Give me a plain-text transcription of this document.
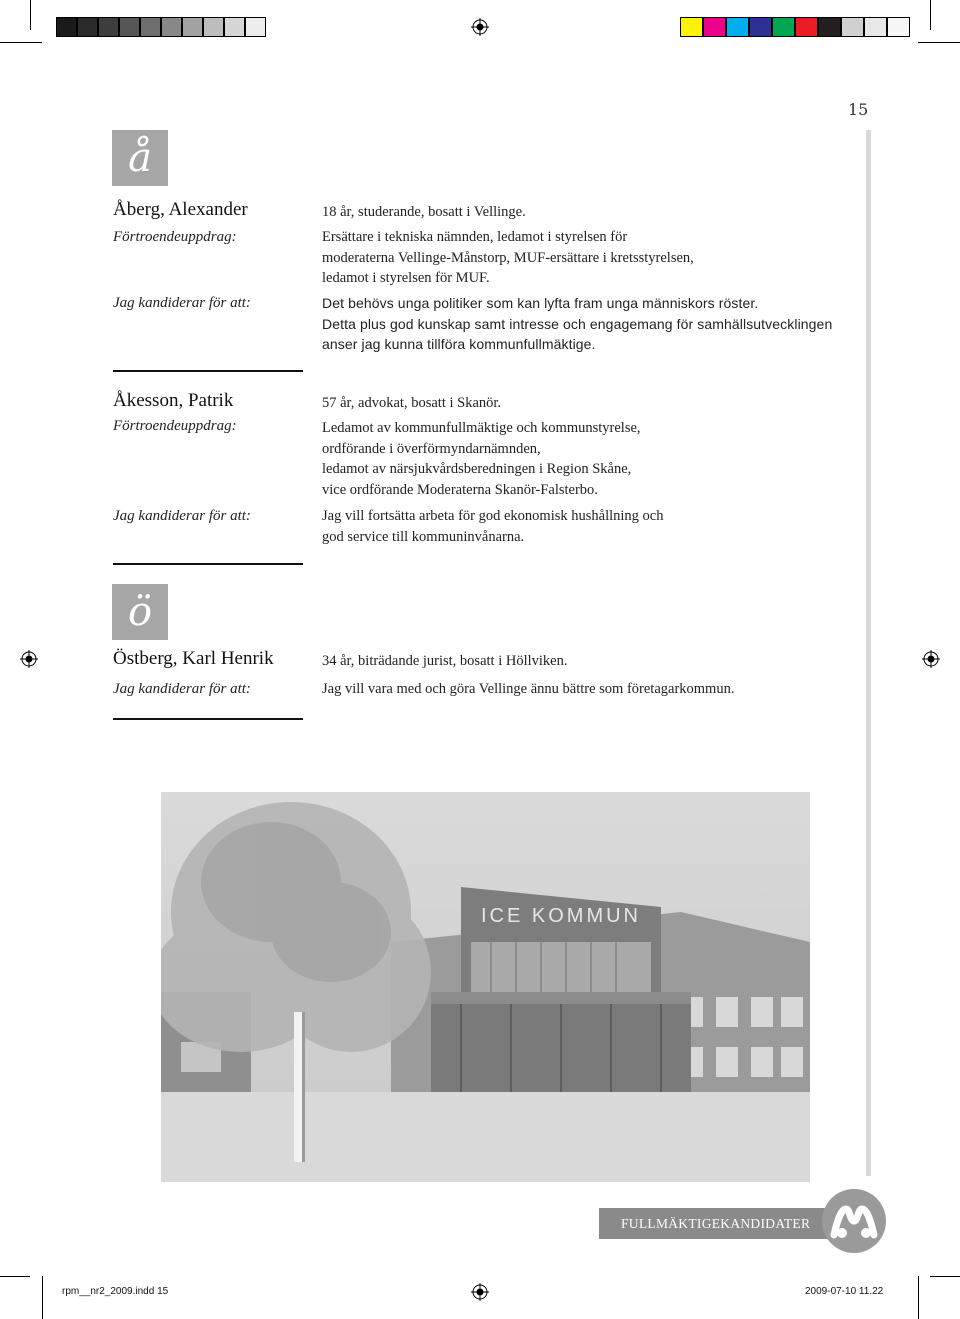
15
å
Åberg, Alexander	18 år, studerande, bosatt i Vellinge.
Förtroendeuppdrag:	Ersättare i tekniska nämnden, ledamot i styrelsen för
moderaterna Vellinge-Månstorp, MUF-ersättare i kretsstyrelsen,
ledamot i styrelsen för MUF.
Jag kandiderar för att:	Det behövs unga politiker som kan lyfta fram unga människors röster.
Detta plus god kunskap samt intresse och engagemang för samhällsutvecklingen
anser jag kunna tillföra kommunfullmäktige.
Åkesson, Patrik	57 år, advokat, bosatt i Skanör.
Förtroendeuppdrag:	Ledamot av kommunfullmäktige och kommunstyrelse,
ordförande i överförmyndarnämnden,
ledamot av närsjukvårdsberedningen i Region Skåne,
vice ordförande Moderaterna Skanör-Falsterbo.
Jag kandiderar för att:	Jag vill fortsätta arbeta för god ekonomisk hushållning och
god service till kommuninvånarna.
ö
Östberg, Karl Henrik	34 år, biträdande jurist, bosatt i Höllviken.
Jag kandiderar för att:	Jag vill vara med och göra Vellinge ännu bättre som företagarkommun.
ICE KOMMUN
FULLMÄKTIGEKANDIDATER
rpm__nr2_2009.indd 15	2009-07-10 11.22
